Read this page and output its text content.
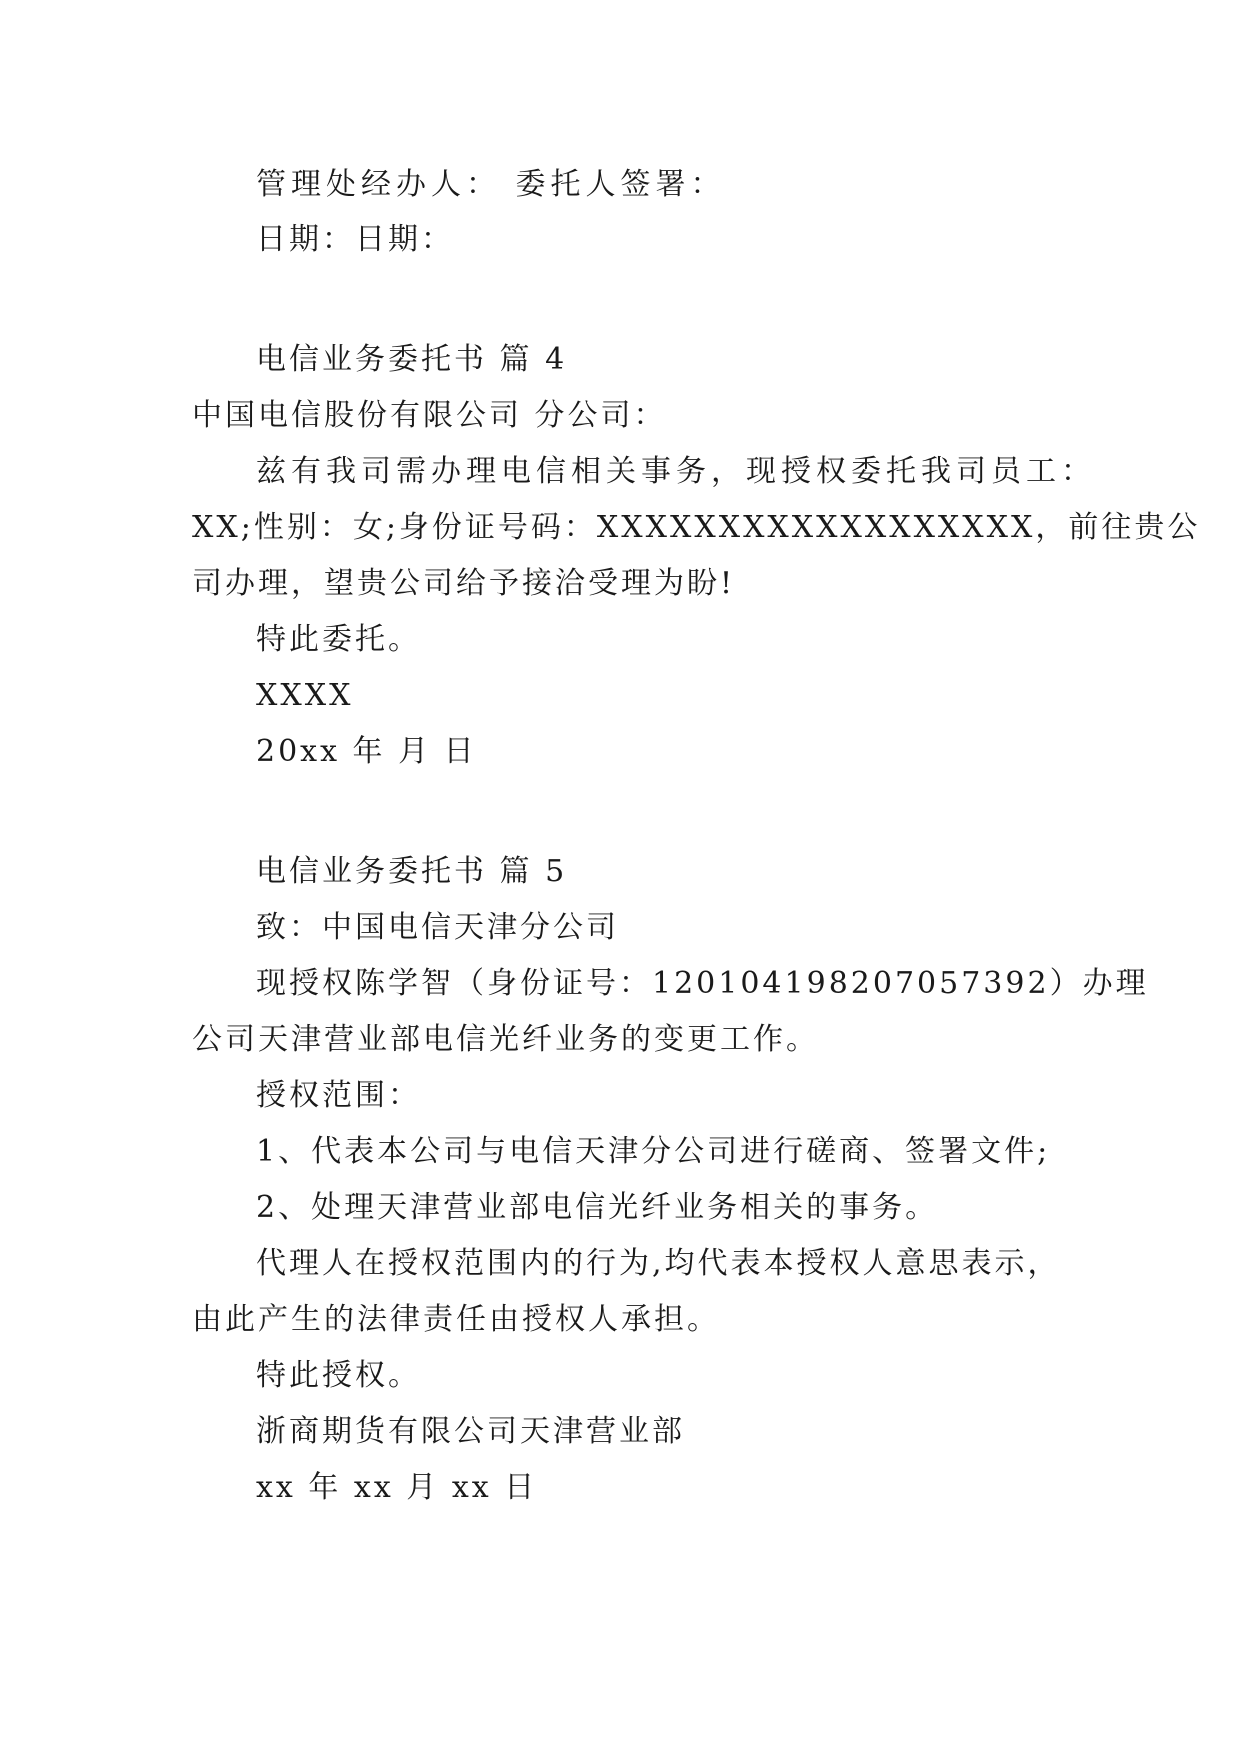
管理处经办人： 委托人签署：
日期：日期：
电信业务委托书 篇 4
中国电信股份有限公司 分公司：
兹有我司需办理电信相关事务，现授权委托我司员工：
XX;性别：女;身份证号码：XXXXXXXXXXXXXXXXXX，前往贵公
司办理，望贵公司给予接洽受理为盼!
特此委托。
XXXX
20xx 年 月 日
电信业务委托书 篇 5
致：中国电信天津分公司
现授权陈学智（身份证号：120104198207057392）办理
公司天津营业部电信光纤业务的变更工作。
授权范围：
1、代表本公司与电信天津分公司进行磋商、签署文件;
2、处理天津营业部电信光纤业务相关的事务。
代理人在授权范围内的行为,均代表本授权人意思表示，
由此产生的法律责任由授权人承担。
特此授权。
浙商期货有限公司天津营业部
xx 年 xx 月 xx 日
